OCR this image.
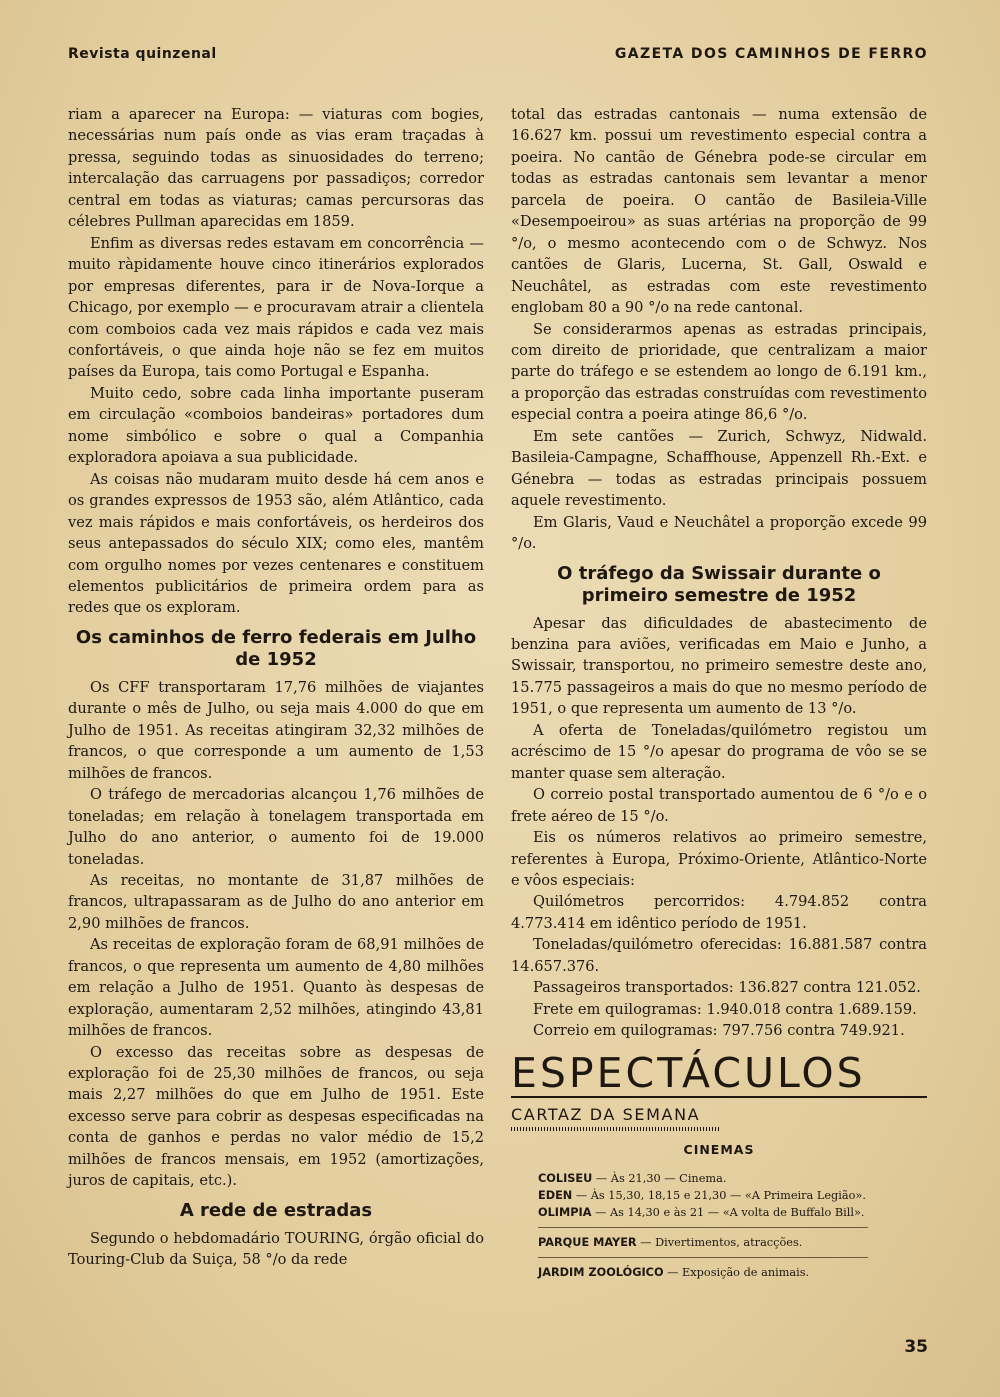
Revista quinzenal	GAZETA DOS CAMINHOS DE FERRO

riam a aparecer na Europa: — viaturas com bogies, necessárias num país onde as vias eram traçadas à pressa, seguindo todas as sinuosidades do terreno; intercalação das carruagens por passadiços; corredor central em todas as viaturas; camas percursoras das célebres Pullman aparecidas em 1859.

Enfim as diversas redes estavam em concorrência — muito ràpidamente houve cinco itinerários explorados por empresas diferentes, para ir de Nova-Iorque a Chicago, por exemplo — e procuravam atrair a clientela com comboios cada vez mais rápidos e cada vez mais confortáveis, o que ainda hoje não se fez em muitos países da Europa, tais como Portugal e Espanha.

Muito cedo, sobre cada linha importante puseram em circulação «comboios bandeiras» portadores dum nome simbólico e sobre o qual a Companhia exploradora apoiava a sua publicidade.

As coisas não mudaram muito desde há cem anos e os grandes expressos de 1953 são, além Atlântico, cada vez mais rápidos e mais confortáveis, os herdeiros dos seus antepassados do século XIX; como eles, mantêm com orgulho nomes por vezes centenares e constituem elementos publicitários de primeira ordem para as redes que os exploram.

Os caminhos de ferro federais em Julho de 1952

Os CFF transportaram 17,76 milhões de viajantes durante o mês de Julho, ou seja mais 4.000 do que em Julho de 1951. As receitas atingiram 32,32 milhões de francos, o que corresponde a um aumento de 1,53 milhões de francos.

O tráfego de mercadorias alcançou 1,76 milhões de toneladas; em relação à tonelagem transportada em Julho do ano anterior, o aumento foi de 19.000 toneladas.

As receitas, no montante de 31,87 milhões de francos, ultrapassaram as de Julho do ano anterior em 2,90 milhões de francos.

As receitas de exploração foram de 68,91 milhões de francos, o que representa um aumento de 4,80 milhões em relação a Julho de 1951. Quanto às despesas de exploração, aumentaram 2,52 milhões, atingindo 43,81 milhões de francos.

O excesso das receitas sobre as despesas de exploração foi de 25,30 milhões de francos, ou seja mais 2,27 milhões do que em Julho de 1951. Este excesso serve para cobrir as despesas especificadas na conta de ganhos e perdas no valor médio de 15,2 milhões de francos mensais, em 1952 (amortizações, juros de capitais, etc.).

A rede de estradas

Segundo o hebdomadário TOURING, órgão oficial do Touring-Club da Suiça, 58 °/o da rede

total das estradas cantonais — numa extensão de 16.627 km. possui um revestimento especial contra a poeira. No cantão de Génebra pode-se circular em todas as estradas cantonais sem levantar a menor parcela de poeira. O cantão de Basileia-Ville «Desempoeirou» as suas artérias na proporção de 99 °/o, o mesmo acontecendo com o de Schwyz. Nos cantões de Glaris, Lucerna, St. Gall, Oswald e Neuchâtel, as estradas com este revestimento englobam 80 a 90 °/o na rede cantonal.

Se considerarmos apenas as estradas principais, com direito de prioridade, que centralizam a maior parte do tráfego e se estendem ao longo de 6.191 km., a proporção das estradas construídas com revestimento especial contra a poeira atinge 86,6 °/o.

Em sete cantões — Zurich, Schwyz, Nidwald. Basileia-Campagne, Schaffhouse, Appenzell Rh.-Ext. e Génebra — todas as estradas principais possuem aquele revestimento.

Em Glaris, Vaud e Neuchâtel a proporção excede 99 °/o.

O tráfego da Swissair durante o primeiro semestre de 1952

Apesar das dificuldades de abastecimento de benzina para aviões, verificadas em Maio e Junho, a Swissair, transportou, no primeiro semestre deste ano, 15.775 passageiros a mais do que no mesmo período de 1951, o que representa um aumento de 13 °/o.

A oferta de Toneladas/quilómetro registou um acréscimo de 15 °/o apesar do programa de vôo se se manter quase sem alteração.

O correio postal transportado aumentou de 6 °/o e o frete aéreo de 15 °/o.

Eis os números relativos ao primeiro semestre, referentes à Europa, Próximo-Oriente, Atlântico-Norte e vôos especiais:

Quilómetros percorridos: 4.794.852 contra 4.773.414 em idêntico período de 1951.

Toneladas/quilómetro oferecidas: 16.881.587 contra 14.657.376.

Passageiros transportados: 136.827 contra 121.052.

Frete em quilogramas: 1.940.018 contra 1.689.159.

Correio em quilogramas: 797.756 contra 749.921.

ESPECTÁCULOS
CARTAZ DA SEMANA
CINEMAS
COLISEU — Às 21,30 — Cinema.
EDEN — Às 15,30, 18,15 e 21,30 — «A Primeira Legião».
OLIMPIA — As 14,30 e às 21 — «A volta de Buffalo Bill».
PARQUE MAYER — Divertimentos, atracções.
JARDIM ZOOLÓGICO — Exposição de animais.
35
